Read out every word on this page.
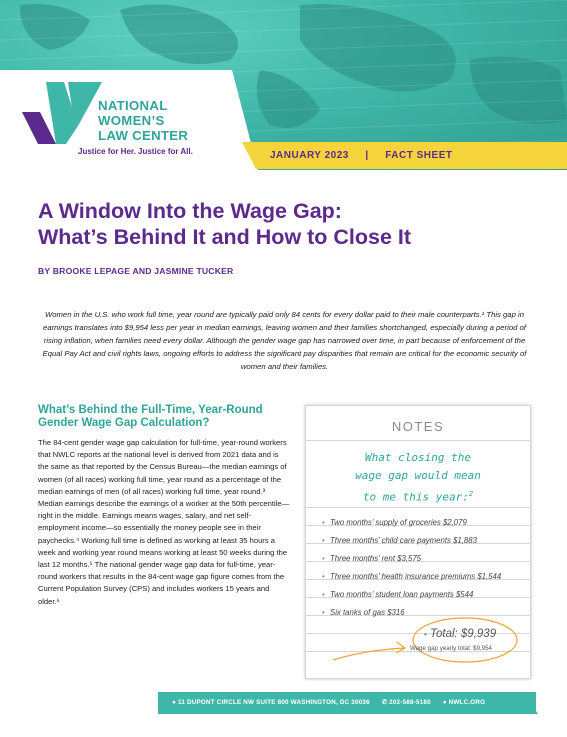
NATIONAL
WOMEN’S
LAW CENTER
Justice for Her. Justice for All.	JANUARY 2023 | FACT SHEET
A Window Into the Wage Gap:
What’s Behind It and How to Close It
BY BROOKE LEPAGE AND JASMINE TUCKER
Women in the U.S. who work full time, year round are typically paid only 84 cents for every dollar paid to their male counterparts.¹ This gap in earnings translates into $9,954 less per year in median earnings, leaving women and their families shortchanged, especially during a period of rising inflation, when families need every dollar. Although the gender wage gap has narrowed over time, in part because of enforcement of the Equal Pay Act and civil rights laws, ongoing efforts to address the significant pay disparities that remain are critical for the economic security of women and their families.
What’s Behind the Full-Time, Year-Round Gender Wage Gap Calculation?
The 84-cent gender wage gap calculation for full-time, year-round workers that NWLC reports at the national level is derived from 2021 data and is the same as that reported by the Census Bureau—the median earnings of women (of all races) working full time, year round as a percentage of the median earnings of men (of all races) working full time, year round.³ Median earnings describe the earnings of a worker at the 50th percentile—right in the middle. Earnings means wages, salary, and net self-employment income—so essentially the money people see in their paychecks.⁴ Working full time is defined as working at least 35 hours a week and working year round means working at least 50 weeks during the last 12 months.⁵ The national gender wage gap data for full-time, year-round workers that results in the 84-cent wage gap figure comes from the Current Population Survey (CPS) and includes workers 15 years and older.⁶
NOTES
What closing the
wage gap would mean
to me this year:$^2$
• Two months’ supply of groceries $2,079
• Three months’ child care payments $1,883
• Three months’ rent $3,575
• Three months’ health insurance premiums $1,544
• Two months’ student loan payments $544
• Six tanks of gas $316
• Total: $9,939
Wage gap yearly total: $9,954
● 11 DUPONT CIRCLE NW SUITE 800 WASHINGTON, DC 20036 ✆ 202-588-5180 ● NWLC.ORG
